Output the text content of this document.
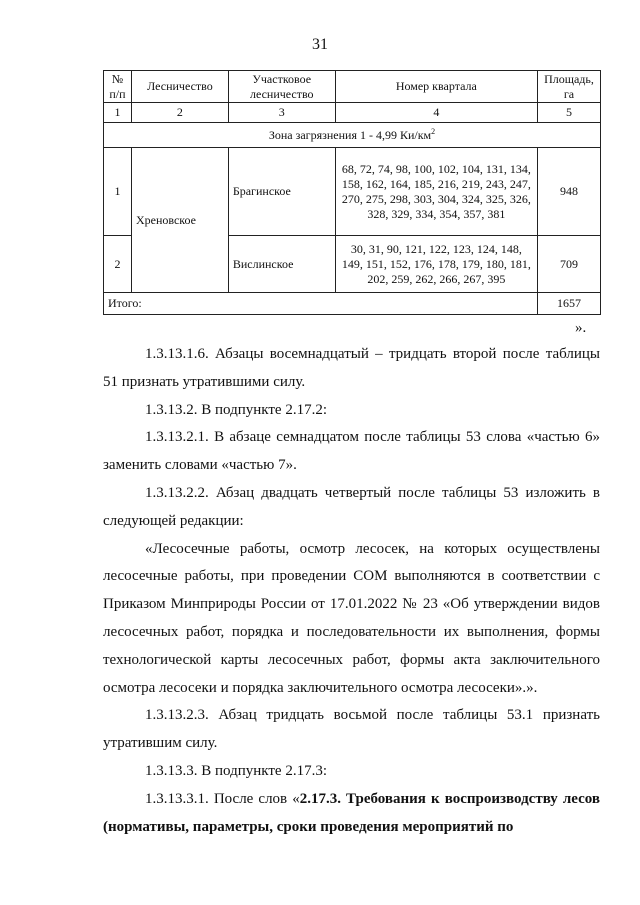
31
№ п/п	Лесничество	Участковое лесничество	Номер квартала	Площадь, га
1	2	3	4	5
Зона загрязнения 1 - 4,99 $Ки/км^2$
1	Хреновское	Брагинское	68, 72, 74, 98, 100, 102, 104, 131, 134, 158, 162, 164, 185, 216, 219, 243, 247, 270, 275, 298, 303, 304, 324, 325, 326, 328, 329, 334, 354, 357, 381	948
2		Вислинское	30, 31, 90, 121, 122, 123, 124, 148, 149, 151, 152, 176, 178, 179, 180, 181, 202, 259, 262, 266, 267, 395	709
Итого:				1657
».

1.3.13.1.6. Абзацы восемнадцатый – тридцать второй после таблицы 51 признать утратившими силу.

1.3.13.2. В подпункте 2.17.2:

1.3.13.2.1. В абзаце семнадцатом после таблицы 53 слова «частью 6» заменить словами «частью 7».

1.3.13.2.2. Абзац двадцать четвертый после таблицы 53 изложить в следующей редакции:

«Лесосечные работы, осмотр лесосек, на которых осуществлены лесосечные работы, при проведении СОМ выполняются в соответствии с Приказом Минприроды России от 17.01.2022 № 23 «Об утверждении видов лесосечных работ, порядка и последовательности их выполнения, формы технологической карты лесосечных работ, формы акта заключительного осмотра лесосеки и порядка заключительного осмотра лесосеки».».

1.3.13.2.3. Абзац тридцать восьмой после таблицы 53.1 признать утратившим силу.

1.3.13.3. В подпункте 2.17.3:

1.3.13.3.1. После слов «2.17.3. Требования к воспроизводству лесов (нормативы, параметры, сроки проведения мероприятий по
